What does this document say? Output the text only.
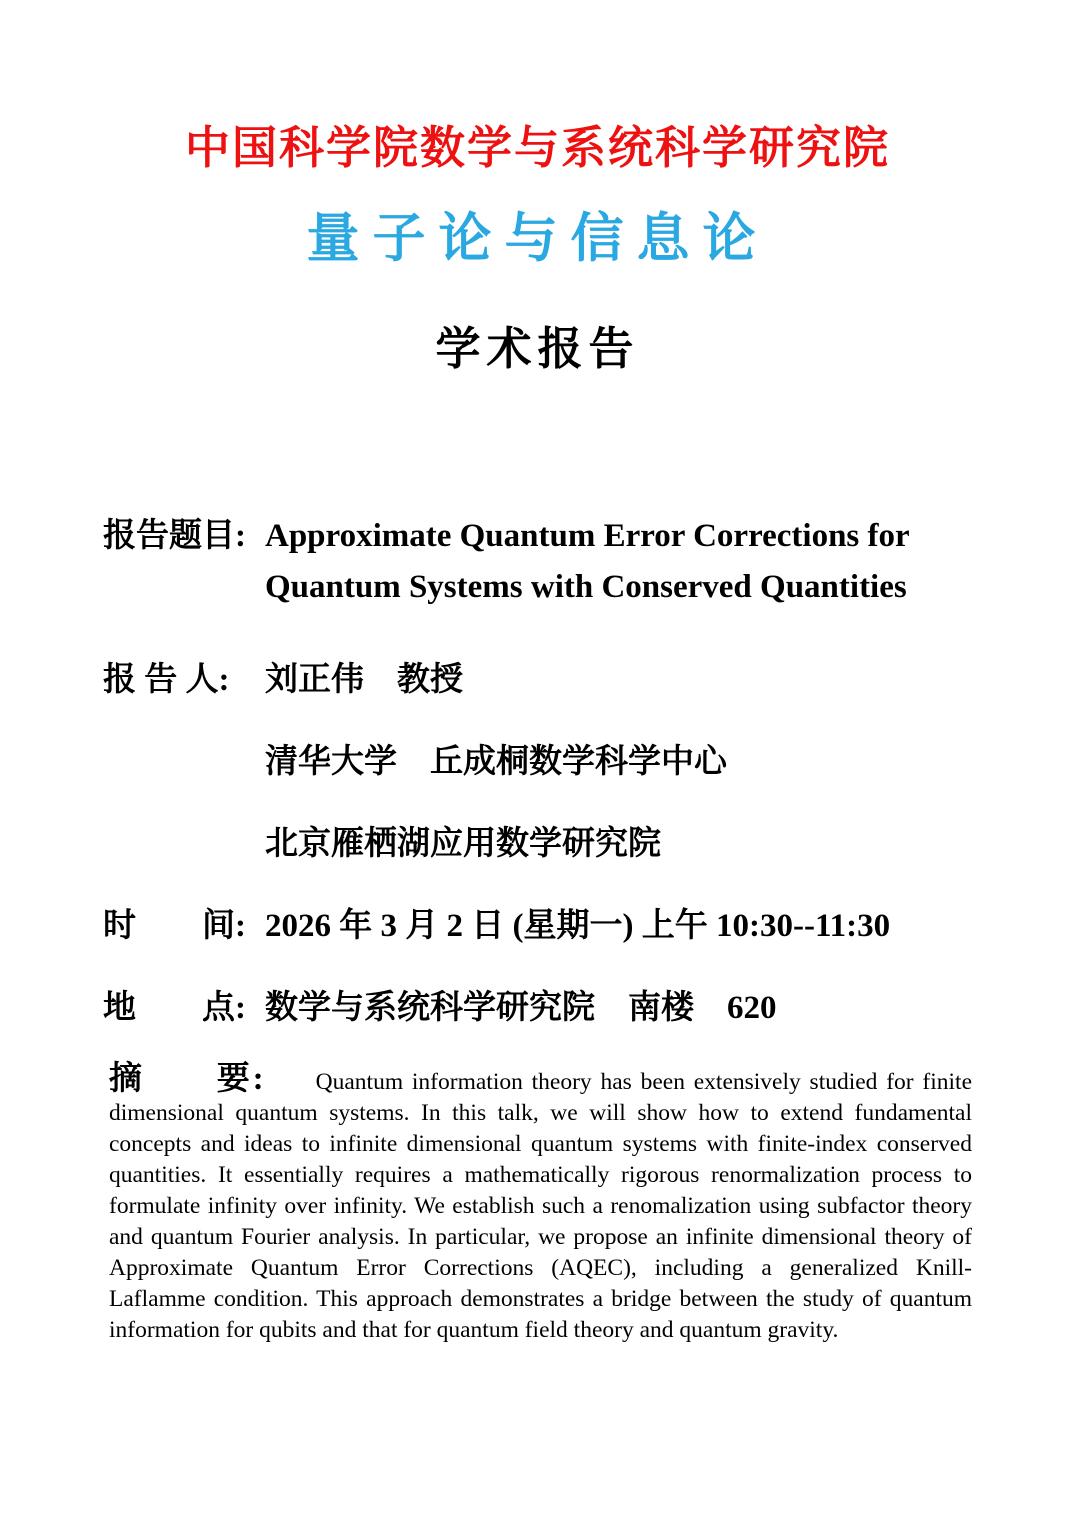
中国科学院数学与系统科学研究院
量子论与信息论
学术报告
报告题目: Approximate Quantum Error Corrections for
Quantum Systems with Conserved Quantities
报 告 人:	刘正伟　教授
清华大学　丘成桐数学科学中心
北京雁栖湖应用数学研究院
时　　间: 2026 年 3 月 2 日 (星期一) 上午 10:30--11:30
地　　点: 数学与系统科学研究院　南楼　620

摘　　要: Quantum information theory has been extensively studied for finite dimensional quantum systems. In this talk, we will show how to extend fundamental concepts and ideas to infinite dimensional quantum systems with finite-index conserved quantities. It essentially requires a mathematically rigorous renormalization process to formulate infinity over infinity. We establish such a renomalization using subfactor theory and quantum Fourier analysis. In particular, we propose an infinite dimensional theory of Approximate Quantum Error Corrections (AQEC), including a generalized Knill-Laflamme condition. This approach demonstrates a bridge between the study of quantum information for qubits and that for quantum field theory and quantum gravity.
